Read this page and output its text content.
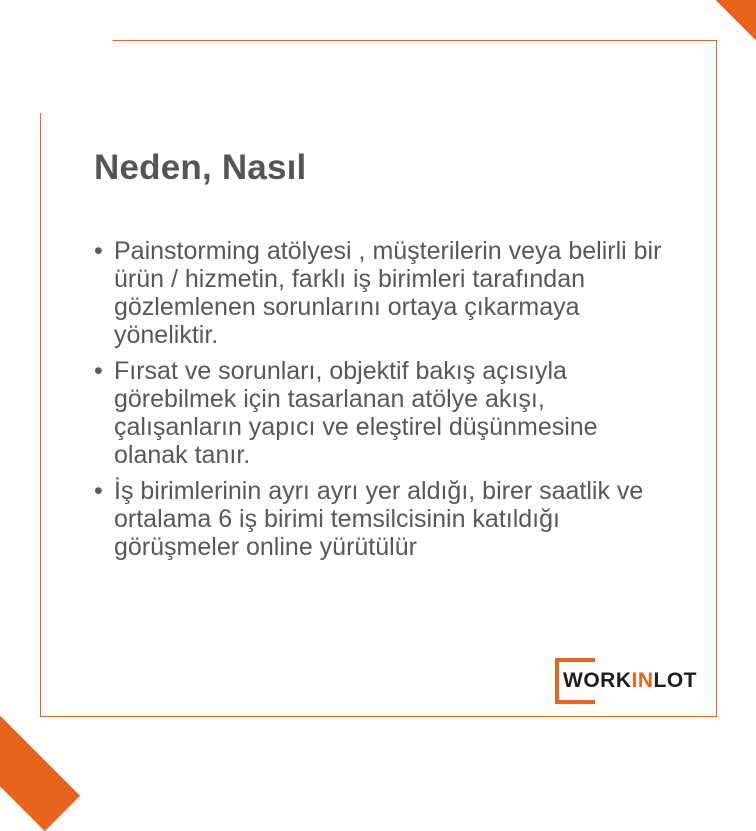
Neden, Nasıl
• Painstorming atölyesi , müşterilerin veya belirli bir ürün / hizmetin, farklı iş birimleri tarafından gözlemlenen sorunlarını ortaya çıkarmaya yöneliktir.
• Fırsat ve sorunları, objektif bakış açısıyla görebilmek için tasarlanan atölye akışı, çalışanların yapıcı ve eleştirel düşünmesine olanak tanır.
• İş birimlerinin ayrı ayrı yer aldığı, birer saatlik ve ortalama 6 iş birimi temsilcisinin katıldığı görüşmeler online yürütülür
WORKINLOT
